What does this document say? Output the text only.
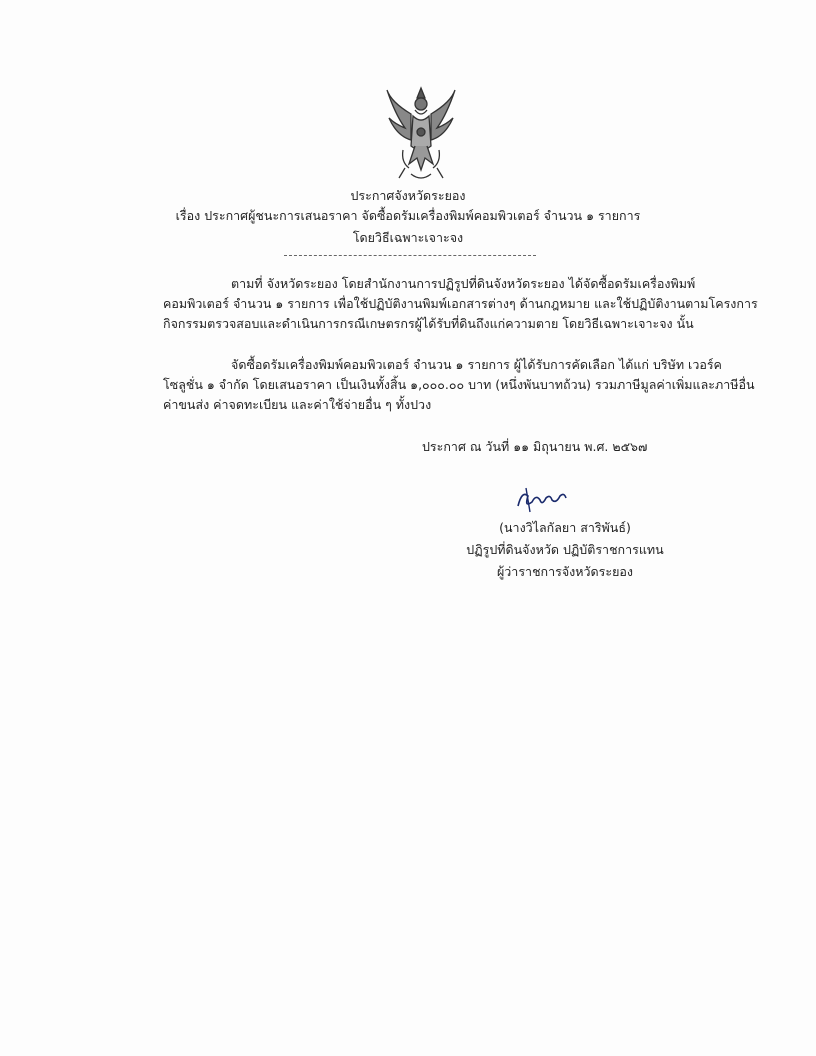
ประกาศจังหวัดระยอง
เรื่อง ประกาศผู้ชนะการเสนอราคา จัดซื้อดรัมเครื่องพิมพ์คอมพิวเตอร์ จำนวน ๑ รายการ
โดยวิธีเฉพาะเจาะจง
ตามที่ จังหวัดระยอง โดยสำนักงานการปฏิรูปที่ดินจังหวัดระยอง ได้จัดซื้อดรัมเครื่องพิมพ์
คอมพิวเตอร์ จำนวน ๑ รายการ เพื่อใช้ปฏิบัติงานพิมพ์เอกสารต่างๆ ด้านกฎหมาย และใช้ปฏิบัติงานตามโครงการ
กิจกรรมตรวจสอบและดำเนินการกรณีเกษตรกรผู้ได้รับที่ดินถึงแก่ความตาย โดยวิธีเฉพาะเจาะจง นั้น
จัดซื้อดรัมเครื่องพิมพ์คอมพิวเตอร์ จำนวน ๑ รายการ ผู้ได้รับการคัดเลือก ได้แก่ บริษัท เวอร์ค
โซลูชั่น ๑ จำกัด โดยเสนอราคา เป็นเงินทั้งสิ้น ๑,๐๐๐.๐๐ บาท (หนึ่งพันบาทถ้วน) รวมภาษีมูลค่าเพิ่มและภาษีอื่น
ค่าขนส่ง ค่าจดทะเบียน และค่าใช้จ่ายอื่น ๆ ทั้งปวง
ประกาศ ณ วันที่ ๑๑ มิถุนายน พ.ศ. ๒๕๖๗
(นางวิไลกัลยา สาริพันธ์)
ปฏิรูปที่ดินจังหวัด ปฏิบัติราชการแทน
ผู้ว่าราชการจังหวัดระยอง
